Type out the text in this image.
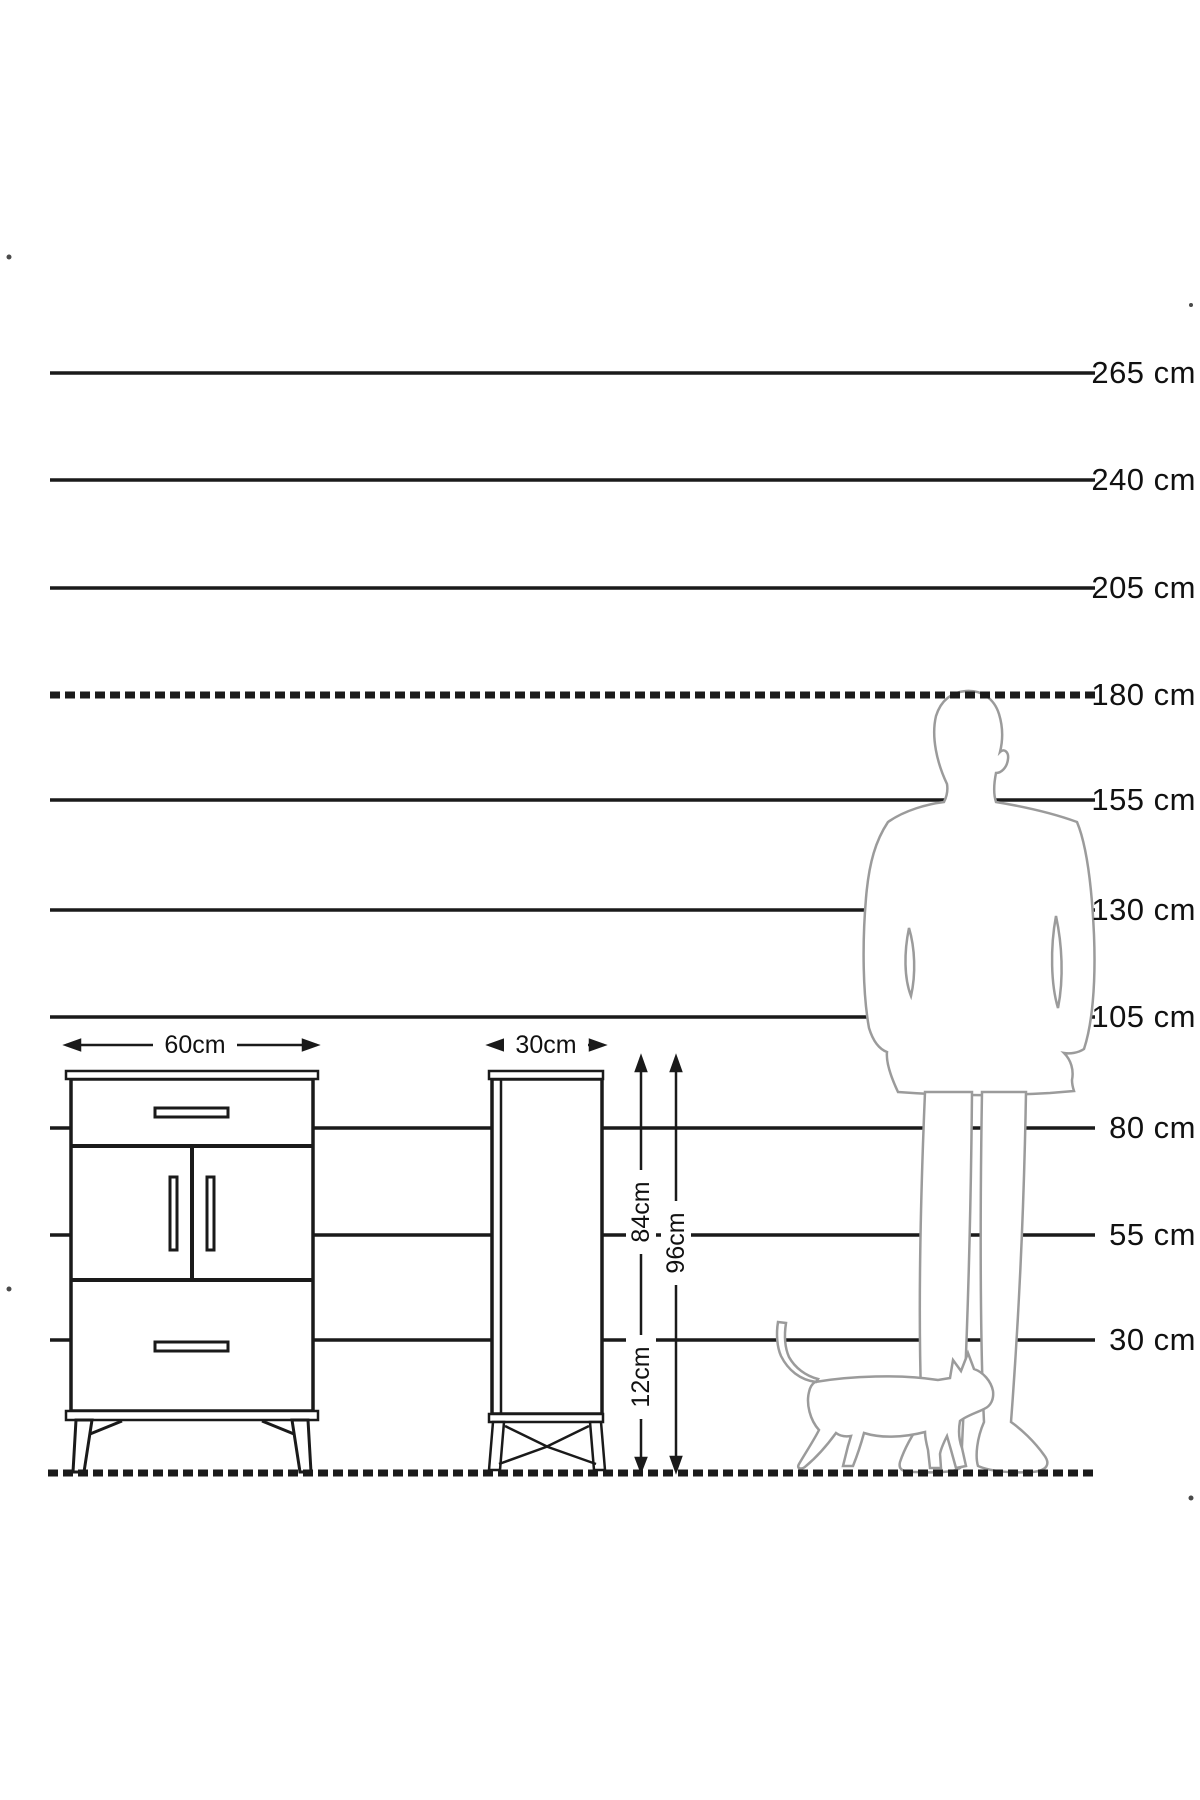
265 cm
240 cm
205 cm
180 cm
155 cm
130 cm
105 cm
80 cm
55 cm
30 cm
60cm	30cm
84cm
96cm
12cm
